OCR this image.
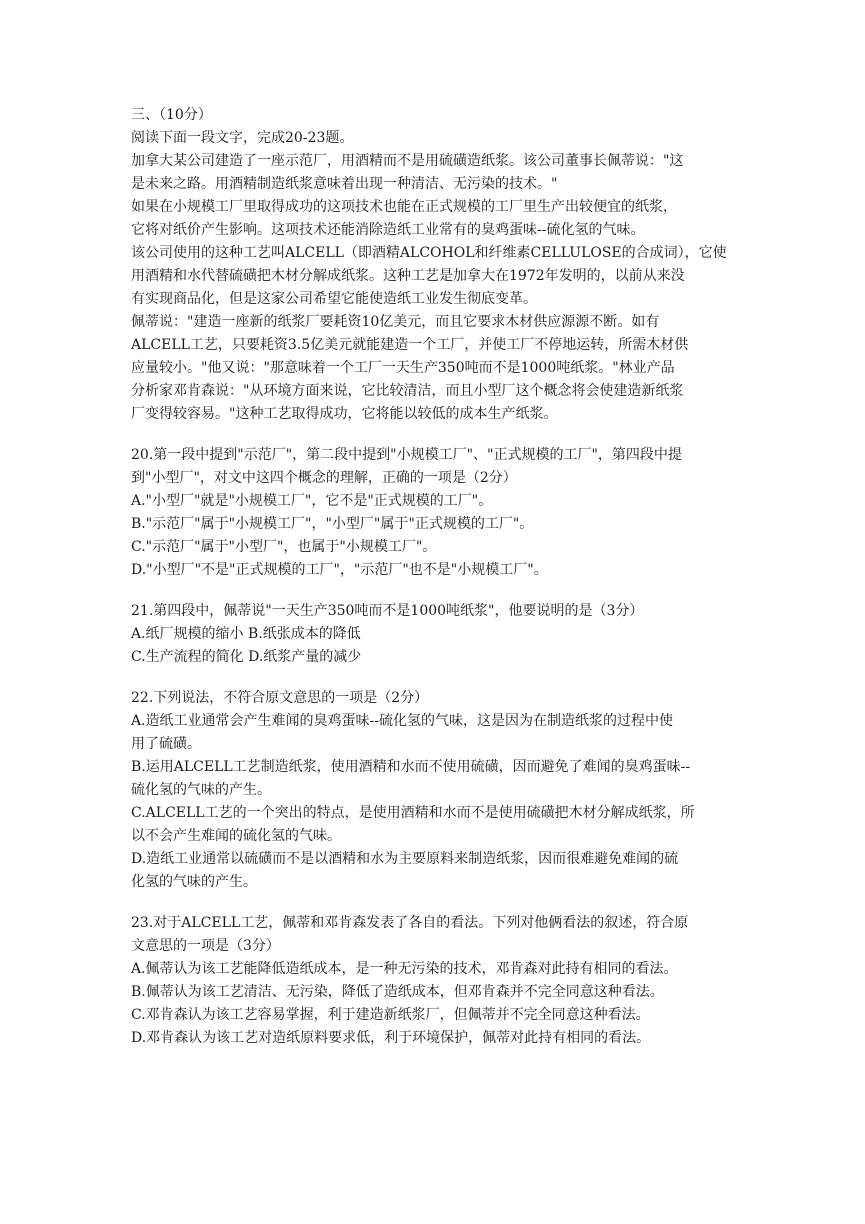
三、（10分）
阅读下面一段文字，完成20-23题。
加拿大某公司建造了一座示范厂，用酒精而不是用硫磺造纸浆。该公司董事长佩蒂说："这
是未来之路。用酒精制造纸浆意味着出现一种清洁、无污染的技术。"
如果在小规模工厂里取得成功的这项技术也能在正式规模的工厂里生产出较便宜的纸浆，
它将对纸价产生影响。这项技术还能消除造纸工业常有的臭鸡蛋味--硫化氢的气味。
该公司使用的这种工艺叫ALCELL（即酒精ALCOHOL和纤维素CELLULOSE的合成词），它使
用酒精和水代替硫磺把木材分解成纸浆。这种工艺是加拿大在1972年发明的，以前从来没
有实现商品化，但是这家公司希望它能使造纸工业发生彻底变革。
佩蒂说："建造一座新的纸浆厂要耗资10亿美元，而且它要求木材供应源源不断。如有
ALCELL工艺，只要耗资3.5亿美元就能建造一个工厂，并使工厂不停地运转，所需木材供
应量较小。"他又说："那意味着一个工厂一天生产350吨而不是1000吨纸浆。"林业产品
分析家邓肯森说："从环境方面来说，它比较清洁，而且小型厂这个概念将会使建造新纸浆
厂变得较容易。"这种工艺取得成功，它将能以较低的成本生产纸浆。
20.第一段中提到"示范厂"，第二段中提到"小规模工厂"、"正式规模的工厂"，第四段中提
到"小型厂"，对文中这四个概念的理解，正确的一项是（2分）
A."小型厂"就是"小规模工厂"，它不是"正式规模的工厂"。
B."示范厂"属于"小规模工厂"，"小型厂"属于"正式规模的工厂"。
C."示范厂"属于"小型厂"，也属于"小规模工厂"。
D."小型厂"不是"正式规模的工厂"，"示范厂"也不是"小规模工厂"。
21.第四段中，佩蒂说"一天生产350吨而不是1000吨纸浆"，他要说明的是（3分）
A.纸厂规模的缩小 B.纸张成本的降低
C.生产流程的简化 D.纸浆产量的减少
22.下列说法，不符合原文意思的一项是（2分）
A.造纸工业通常会产生难闻的臭鸡蛋味--硫化氢的气味，这是因为在制造纸浆的过程中使
用了硫磺。
B.运用ALCELL工艺制造纸浆，使用酒精和水而不使用硫磺，因而避免了难闻的臭鸡蛋味--
硫化氢的气味的产生。
C.ALCELL工艺的一个突出的特点，是使用酒精和水而不是使用硫磺把木材分解成纸浆，所
以不会产生难闻的硫化氢的气味。
D.造纸工业通常以硫磺而不是以酒精和水为主要原料来制造纸浆，因而很难避免难闻的硫
化氢的气味的产生。
23.对于ALCELL工艺，佩蒂和邓肯森发表了各自的看法。下列对他俩看法的叙述，符合原
文意思的一项是（3分）
A.佩蒂认为该工艺能降低造纸成本，是一种无污染的技术，邓肯森对此持有相同的看法。
B.佩蒂认为该工艺清洁、无污染，降低了造纸成本，但邓肯森并不完全同意这种看法。
C.邓肯森认为该工艺容易掌握，利于建造新纸浆厂，但佩蒂并不完全同意这种看法。
D.邓肯森认为该工艺对造纸原料要求低，利于环境保护，佩蒂对此持有相同的看法。
